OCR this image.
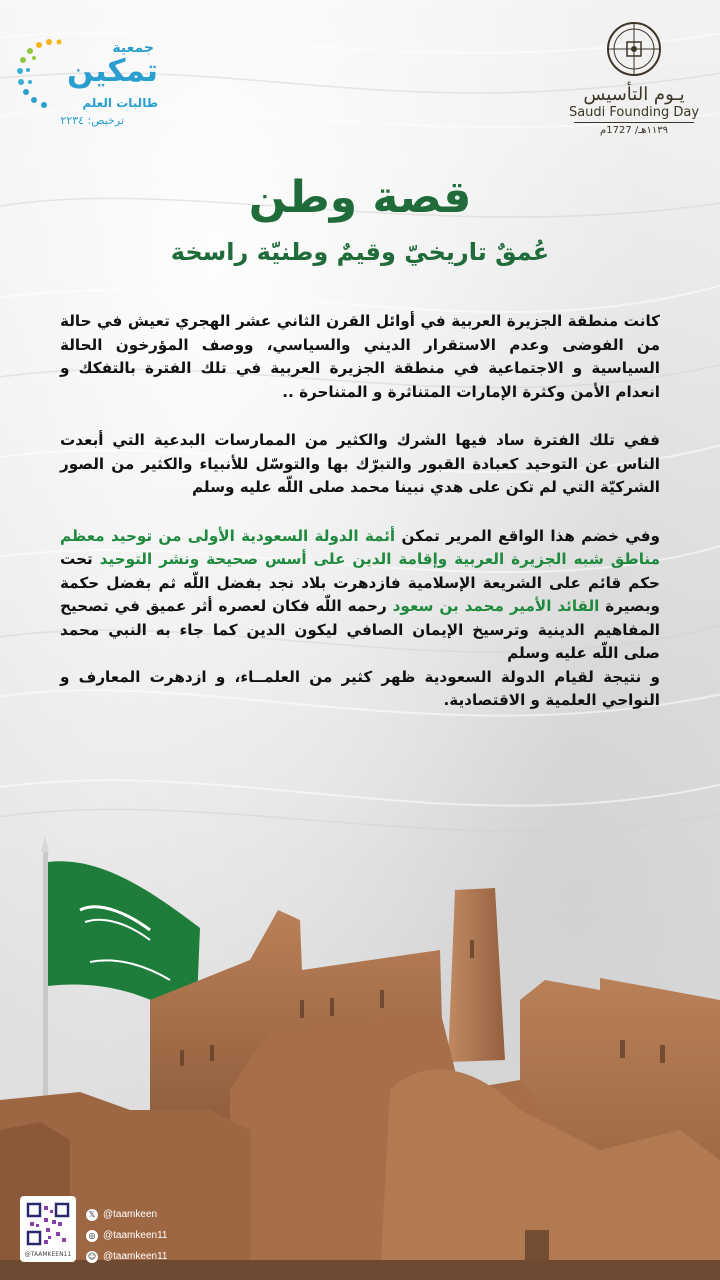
جمعية
تمكين
طالبات العلم
ترخيص: ٢٢٣٤
يـوم التأسيس
Saudi Founding Day
١١٣٩هـ/ 1727م
قصة وطن
عُمقٌ تاريخيّ وقيمٌ وطنيّة راسخة

كانت منطقة الجزيرة العربية في أوائل القرن الثاني عشر الهجري تعيش في حالة من الفوضى وعدم الاستقرار الديني والسياسي، ووصف المؤرخون الحالة السياسية و الاجتماعية في منطقة الجزيرة العربية في تلك الفترة بالتفكك و انعدام الأمن وكثرة الإمارات المتناثرة و المتناحرة ..

ففي تلك الفترة ساد فيها الشرك والكثير من الممارسات البدعية التي أبعدت الناس عن التوحيد كعبادة القبور والتبرّك بها والتوسّل للأنبياء والكثير من الصور الشركيّة التي لم تكن على هدي نبينا محمد صلى اللّه عليه وسلم

وفي خضم هذا الواقع المرير تمكن أئمة الدولة السعودية الأولى من توحيد معظم مناطق شبه الجزيرة العربية وإقامة الدين على أسس صحيحة ونشر التوحيد تحت حكم قائم على الشريعة الإسلامية فازدهرت بلاد نجد بفضل اللّه ثم بفضل حكمة وبصيرة القائد الأمير محمد بن سعود رحمه اللّه فكان لعصره أثر عميق في تصحيح المفاهيم الدينية وترسيخ الإيمان الصافي ليكون الدين كما جاء به النبي محمد صلى اللّه عليه وسلم

و نتيجة لقيام الدولة السعودية ظهر كثير من العلمــاء، و ازدهرت المعارف و النواحي العلمية و الاقتصادية.

@TAAMKEEN11
𝕏 @taamkeen
◎ @taamkeen11
☺ @taamkeen11
